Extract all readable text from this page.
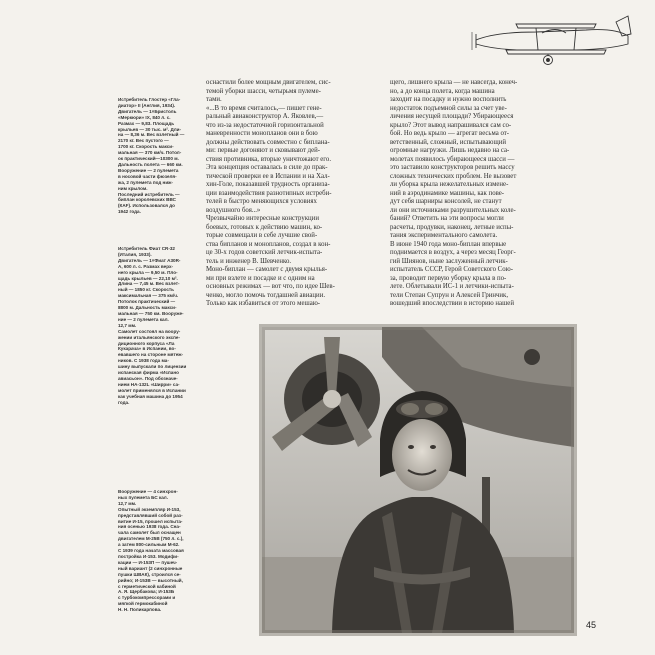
Истребитель Глостер «Гла-
диатор» II (Англия, 1934).
Двигатель — 1×Бристоль
«Меркюри» IX, 840 л. с.
Размах — 9,83. Площадь
крыльев — 30 тыс. м². Дли-
на — 8,36 м. Вес взлетный —
2170 кг. Вес пустого —
1700 кг. Скорость макси-
мальная — 370 км/ч. Потол-
ок практический—10300 м.
Дальность полета — 660 км.
Вооружение — 2 пулемета
в носовой части фюзеля-
жа, 2 пулемета под ниж-
ним крылом.
Последний истребитель —
биплан королевских ВВС
(КАF). Использовался до
1942 года.
Истребитель Фиат СR-32
(Италия, 1933).
Двигатель — 1×Фиат А30R-
А, 600 л. с. Размах верх-
него крыла — 9,50 м. Пло-
щадь крыльев — 22,10 м².
Длина — 7,45 м. Вес взлет-
ный — 1850 кг. Скорость
максимальная — 375 км/ч.
Потолок практический —
8800 м. Дальность макси-
мальная — 750 км. Вооруже-
ние — 2 пулемета кал.
12,7 мм.
Самолет состоял на воору-
жении итальянского экспе-
диционного корпуса «Ла
Кукарача» в Испании, во-
евавшего на стороне мятеж-
ников. С 1938 года ма-
шину выпускали по лицензии
испанская фирма «Испано
авиасьон». Под обозначе-
нием НА-132L «Ширри» са-
молет применялся в Испании
как учебная машина до 1954
года.
Вооружение — 4 синхрон-
ных пулемета БС кал.
12,7 мм.
Опытный экземпляр И-153,
представлявший собой раз-
витие И-15, прошел испыта-
ния осенью 1938 года. Сна-
чала самолет был оснащен
двигателем М-25В (750 л. с.),
а затем 800-сильным М-62.
С 1939 года начата массовая
постройка И-153. Модифи-
кации — И-153П — пушеч-
ный вариант (2 синхронные
пушки ШВАК), строился се-
рийно; И-153В — высотный,
с герметической кабиной
А. Я. Щербакова; И-153Б
с турбокомпрессорами и
мягкой гермокабиной
Н. Н. Поликарпова.
оснастили более мощным двигателем, сис-
темой уборки шасси, четырьмя пулеме-
тами.
«...В то время считалось,— пишет гене-
ральный авиаконструктор А. Яковлев,—
что из-за недостаточной горизонтальной
маневренности монопланов они в бою
должны действовать совместно с биплана-
ми: первые догоняют и сковывают дей-
ствия противника, вторые уничтожают его.
Эта концепция оставалась в силе до прак-
тической проверки ее в Испании и на Хал-
хин-Голе, показавшей трудность организа-
ции взаимодействия разнотипных истреби-
телей в быстро меняющихся условиях
воздушного боя...»
Чрезвычайно интересные конструкции
боевых, готовых к действию машин, ко-
торые совмещали в себе лучшие свой-
ства бипланов и монопланов, создал в кон-
це 30-х годов советский летчик-испыта-
тель и инженер В. Шевченко.
Моно-биплан — самолет с двумя крылья-
ми при взлете и посадке и с одним на
основных режимах — вот что, по идее Шев-
ченко, могло помочь тогдашней авиации.
Только как избавиться от этого мешаю-
щего, лишнего крыла — не навсегда, конеч-
но, а до конца полета, когда машина
заходит на посадку и нужно восполнить
недостаток подъемной силы за счет уве-
личения несущей площади? Убирающееся
крыло? Этот вывод напрашивался сам со-
бой. Но ведь крыло — агрегат весьма от-
ветственный, сложный, испытывающий
огромные нагрузки. Лишь недавно на са-
молетах появилось убирающееся шасси —
это заставило конструкторов решить массу
сложных технических проблем. Не вызовет
ли уборка крыла нежелательных измене-
ний в аэродинамике машины, как пове-
дут себя шарниры консолей, не станут
ли они источниками разрушительных коле-
баний? Ответить на эти вопросы могли
расчеты, продувки, наконец, летные испы-
тания экспериментального самолета.
В июне 1940 года моно-биплан впервые
поднимается в воздух, а через месяц Георг-
гий Шиянов, ныне заслуженный летчик-
испытатель СССР, Герой Советского Сою-
за, проводит первую уборку крыла в по-
лете. Облетывали ИС-1 и летчики-испыта-
тели Степан Супрун и Алексей Гринчик,
вошедший впоследствии в историю нашей
45
